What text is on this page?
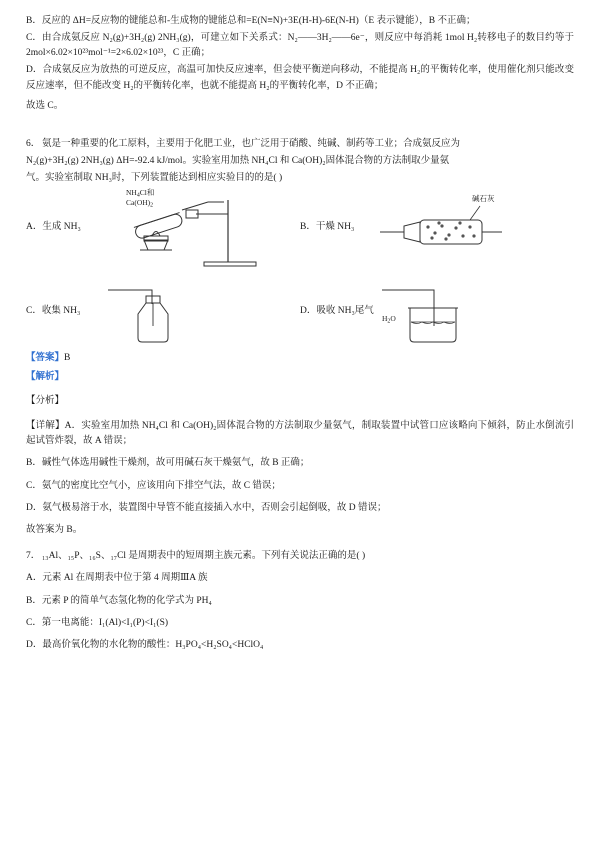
B．反应的 ΔH=反应物的键能总和-生成物的键能总和=E(N≡N)+3E(H-H)-6E(N-H)（E 表示键能），B 不正确；

C．由合成氨反应 N₂(g)+3H₂(g) 2NH₃(g)，可建立如下关系式：N₂——3H₂——6e⁻，则反应中每消耗 1mol H₂转移电子的数目约等于 2mol×6.02×10²³mol⁻¹=2×6.02×10²³，C 正确；

D．合成氨反应为放热的可逆反应，高温可加快反应速率，但会使平衡逆向移动，不能提高 H₂的平衡转化率，使用催化剂只能改变反应速率，但不能改变 H₂的平衡转化率，也就不能提高 H₂的平衡转化率，D 不正确；

故选 C。

6． 氨是一种重要的化工原料，主要用于化肥工业，也广泛用于硝酸、纯碱、制药等工业；合成氨反应为

N₂(g)+3H₂(g) 2NH₃(g) ΔH=-92.4 kJ/mol。实验室用加热 NH₄Cl 和 Ca(OH)₂固体混合物的方法制取少量氨

气。实验室制取 NH₃时，下列装置能达到相应实验目的的是( )

A．生成 NH₃
$NH_4Cl$和
$Ca(OH)_2$
B．干燥 NH₃
碱石灰
C．收集 NH₃	D．吸收 NH₃尾气
$H_2O$

【答案】B

【解析】

【分析】

【详解】A．实验室用加热 NH₄Cl 和 Ca(OH)₂固体混合物的方法制取少量氨气，制取装置中试管口应该略向下倾斜，防止水倒流引起试管炸裂，故 A 错误；

B．碱性气体选用碱性干燥剂，故可用碱石灰干燥氨气，故 B 正确；

C．氨气的密度比空气小，应该用向下排空气法，故 C 错误；

D．氨气极易溶于水，装置图中导管不能直接插入水中，否则会引起倒吸，故 D 错误；

故答案为 B。

7． ₁₃Al、₁₅P、₁₆S、₁₇Cl 是周期表中的短周期主族元素。下列有关说法正确的是( )

A．元素 Al 在周期表中位于第 4 周期ⅢA 族

B．元素 P 的简单气态氢化物的化学式为 PH₄

C．第一电离能：I₁(Al)<I₁(P)<I₁(S)

D．最高价氧化物的水化物的酸性：H₃PO₄<H₂SO₄<HClO₄
